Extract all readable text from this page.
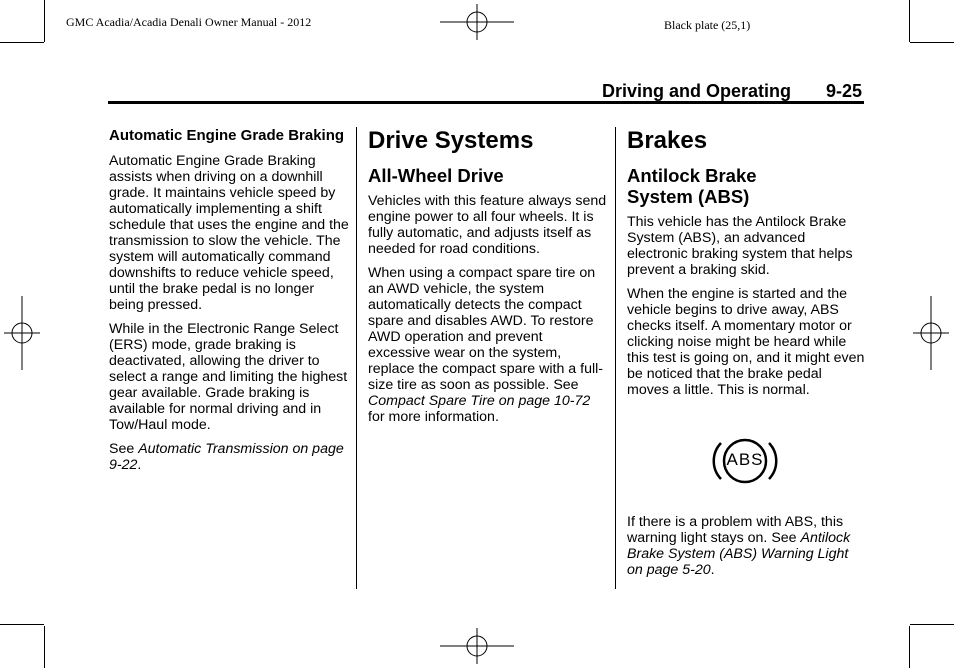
GMC Acadia/Acadia Denali Owner Manual - 2012	Black plate (25,1)
Driving and Operating 9-25
Automatic Engine Grade Braking

Automatic Engine Grade Braking assists when driving on a downhill grade. It maintains vehicle speed by automatically implementing a shift schedule that uses the engine and the transmission to slow the vehicle. The system will automatically command downshifts to reduce vehicle speed, until the brake pedal is no longer being pressed.

While in the Electronic Range Select (ERS) mode, grade braking is deactivated, allowing the driver to select a range and limiting the highest gear available. Grade braking is available for normal driving and in Tow/Haul mode.

See Automatic Transmission on page 9-22.

Drive Systems
All-Wheel Drive

Vehicles with this feature always send engine power to all four wheels. It is fully automatic, and adjusts itself as needed for road conditions.

When using a compact spare tire on an AWD vehicle, the system automatically detects the compact spare and disables AWD. To restore AWD operation and prevent excessive wear on the system, replace the compact spare with a full-size tire as soon as possible. See Compact Spare Tire on page 10-72 for more information.

Brakes
Antilock Brake System (ABS)

This vehicle has the Antilock Brake System (ABS), an advanced electronic braking system that helps prevent a braking skid.

When the engine is started and the vehicle begins to drive away, ABS checks itself. A momentary motor or clicking noise might be heard while this test is going on, and it might even be noticed that the brake pedal moves a little. This is normal.

ABS

If there is a problem with ABS, this warning light stays on. See Antilock Brake System (ABS) Warning Light on page 5-20.
